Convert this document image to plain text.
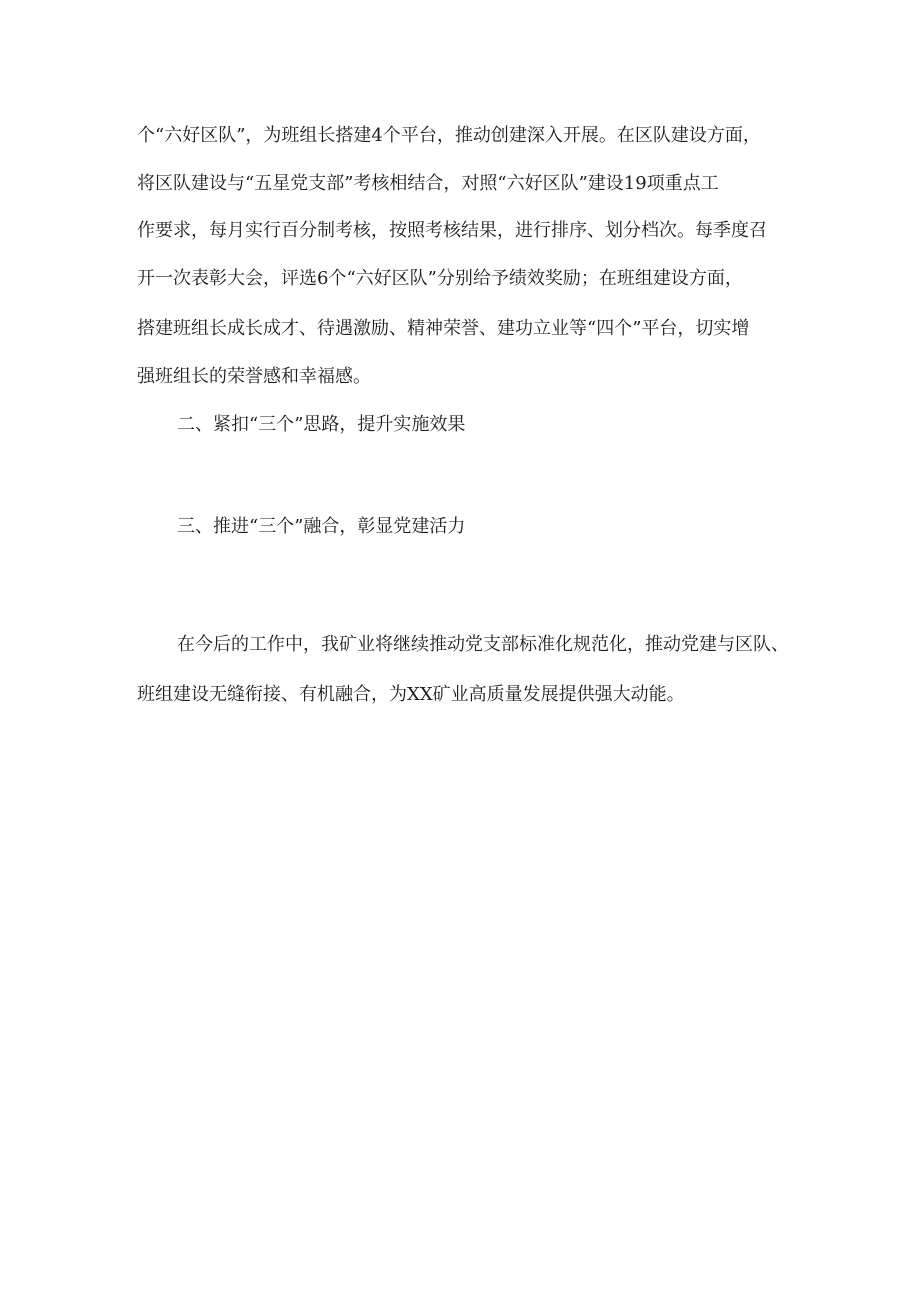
个“六好区队”，为班组长搭建4个平台，推动创建深入开展。在区队建设方面，
将区队建设与“五星党支部”考核相结合，对照“六好区队”建设19项重点工
作要求，每月实行百分制考核，按照考核结果，进行排序、划分档次。每季度召
开一次表彰大会，评选6个“六好区队”分别给予绩效奖励；在班组建设方面，
搭建班组长成长成才、待遇激励、精神荣誉、建功立业等“四个”平台，切实增
强班组长的荣誉感和幸福感。
二、紧扣“三个”思路，提升实施效果
三、推进“三个”融合，彰显党建活力
在今后的工作中，我矿业将继续推动党支部标准化规范化，推动党建与区队、
班组建设无缝衔接、有机融合，为XX矿业高质量发展提供强大动能。
